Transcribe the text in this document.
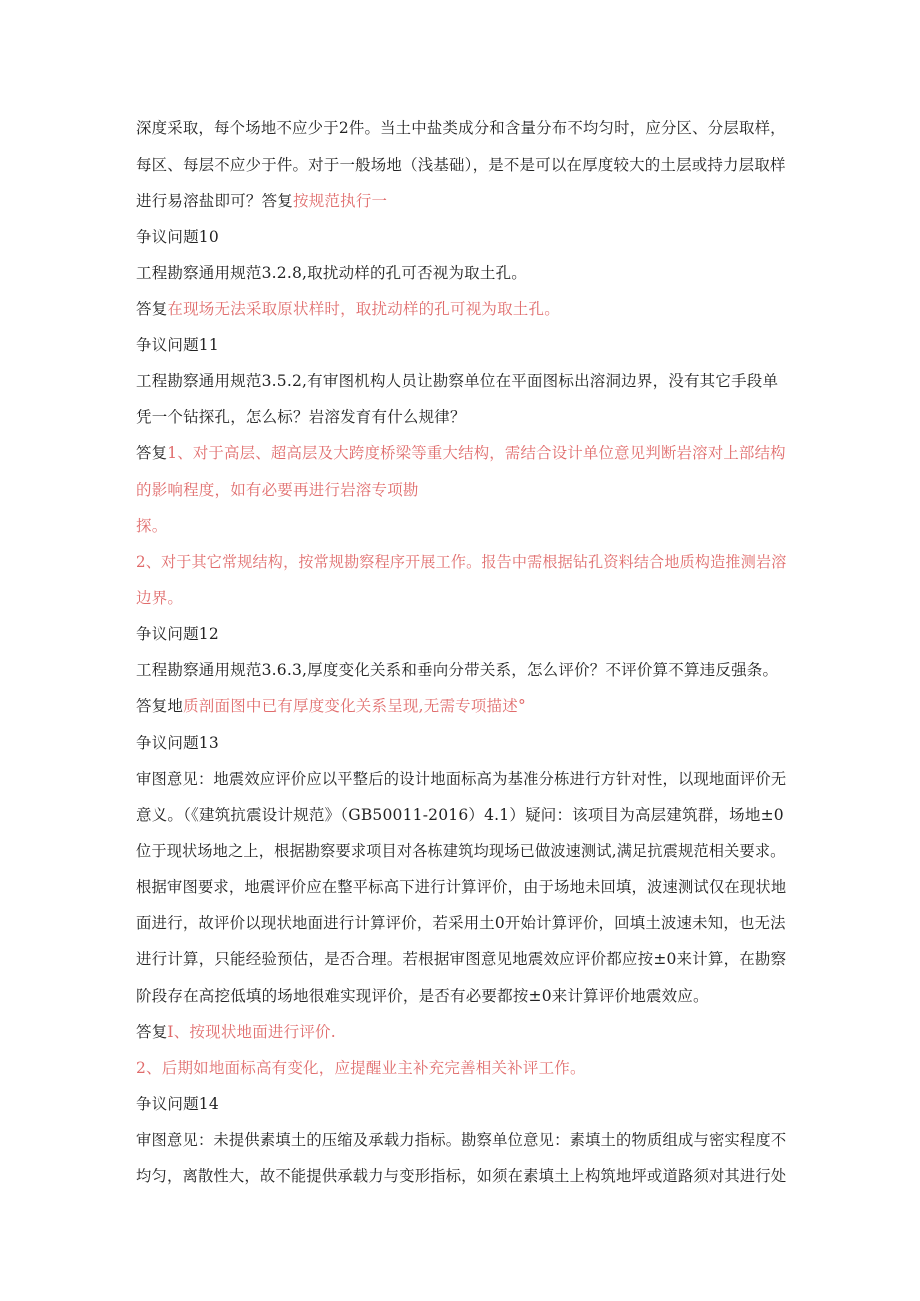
深度采取，每个场地不应少于2件。当土中盐类成分和含量分布不均匀时，应分区、分层取样，
每区、每层不应少于件。对于一般场地（浅基础），是不是可以在厚度较大的土层或持力层取样
进行易溶盐即可？答复按规范执行一
争议问题10
工程勘察通用规范3.2.8,取扰动样的孔可否视为取土孔。
答复在现场无法采取原状样时，取扰动样的孔可视为取土孔。
争议问题11
工程勘察通用规范3.5.2,有审图机构人员让勘察单位在平面图标出溶洞边界，没有其它手段单
凭一个钻探孔，怎么标？岩溶发育有什么规律？
答复1、对于高层、超高层及大跨度桥梁等重大结构，需结合设计单位意见判断岩溶对上部结构
的影响程度，如有必要再进行岩溶专项勘
探。
2、对于其它常规结构，按常规勘察程序开展工作。报告中需根据钻孔资料结合地质构造推测岩溶
边界。
争议问题12
工程勘察通用规范3.6.3,厚度变化关系和垂向分带关系，怎么评价？不评价算不算违反强条。
答复地质剖面图中已有厚度变化关系呈现,无需专项描述°
争议问题13
审图意见：地震效应评价应以平整后的设计地面标高为基准分栋进行方针对性，以现地面评价无
意义。（《建筑抗震设计规范》（GB50011-2016）4.1）疑问：该项目为高层建筑群，场地±0
位于现状场地之上，根据勘察要求项目对各栋建筑均现场已做波速测试,满足抗震规范相关要求。
根据审图要求，地震评价应在整平标高下进行计算评价，由于场地未回填，波速测试仅在现状地
面进行，故评价以现状地面进行计算评价，若采用土0开始计算评价，回填土波速未知，也无法
进行计算，只能经验预估，是否合理。若根据审图意见地震效应评价都应按±0来计算，在勘察
阶段存在高挖低填的场地很难实现评价，是否有必要都按±0来计算评价地震效应。
答复I、按现状地面进行评价.
2、后期如地面标高有变化，应提醒业主补充完善相关补评工作。
争议问题14
审图意见：未提供素填土的压缩及承载力指标。勘察单位意见：素填土的物质组成与密实程度不
均匀，离散性大，故不能提供承载力与变形指标，如须在素填土上构筑地坪或道路须对其进行处
